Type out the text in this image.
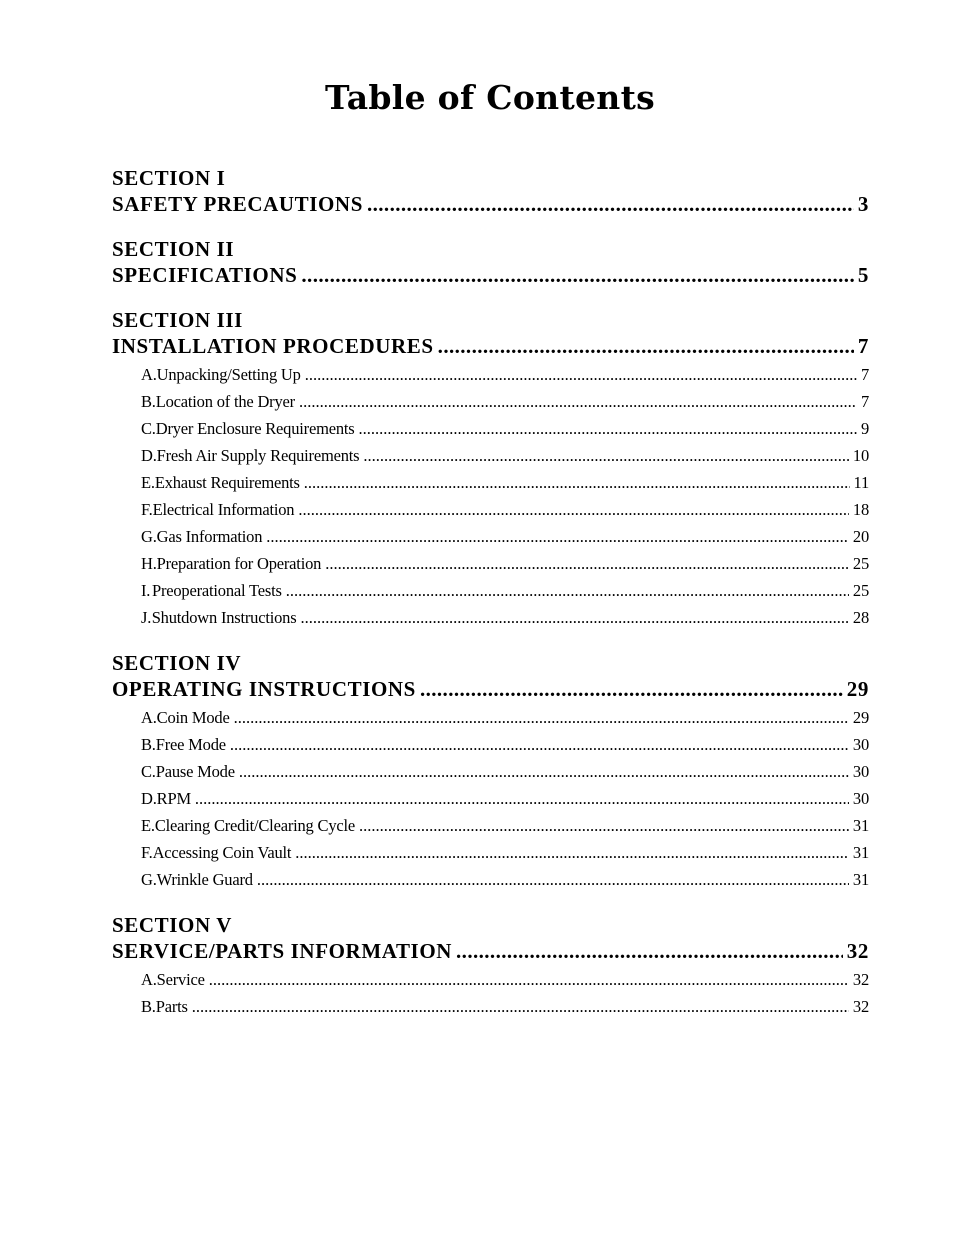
Table of Contents
SECTION I
SAFETY PRECAUTIONS .....	3
SECTION II
SPECIFICATIONS .....	5
SECTION III
INSTALLATION PROCEDURES .....	7
A. Unpacking/Setting Up .....	7
B. Location of the Dryer .....	7
C. Dryer Enclosure Requirements .....	9
D. Fresh Air Supply Requirements .....	10
E. Exhaust Requirements .....	11
F. Electrical Information .....	18
G. Gas Information .....	20
H. Preparation for Operation .....	25
I. Preoperational Tests .....	25
J. Shutdown Instructions .....	28
SECTION IV
OPERATING INSTRUCTIONS .....	29
A. Coin Mode .....	29
B. Free Mode .....	30
C. Pause Mode .....	30
D. RPM .....	30
E. Clearing Credit/Clearing Cycle .....	31
F. Accessing Coin Vault .....	31
G. Wrinkle Guard .....	31
SECTION V
SERVICE/PARTS INFORMATION .....	32
A. Service .....	32
B. Parts .....	32
